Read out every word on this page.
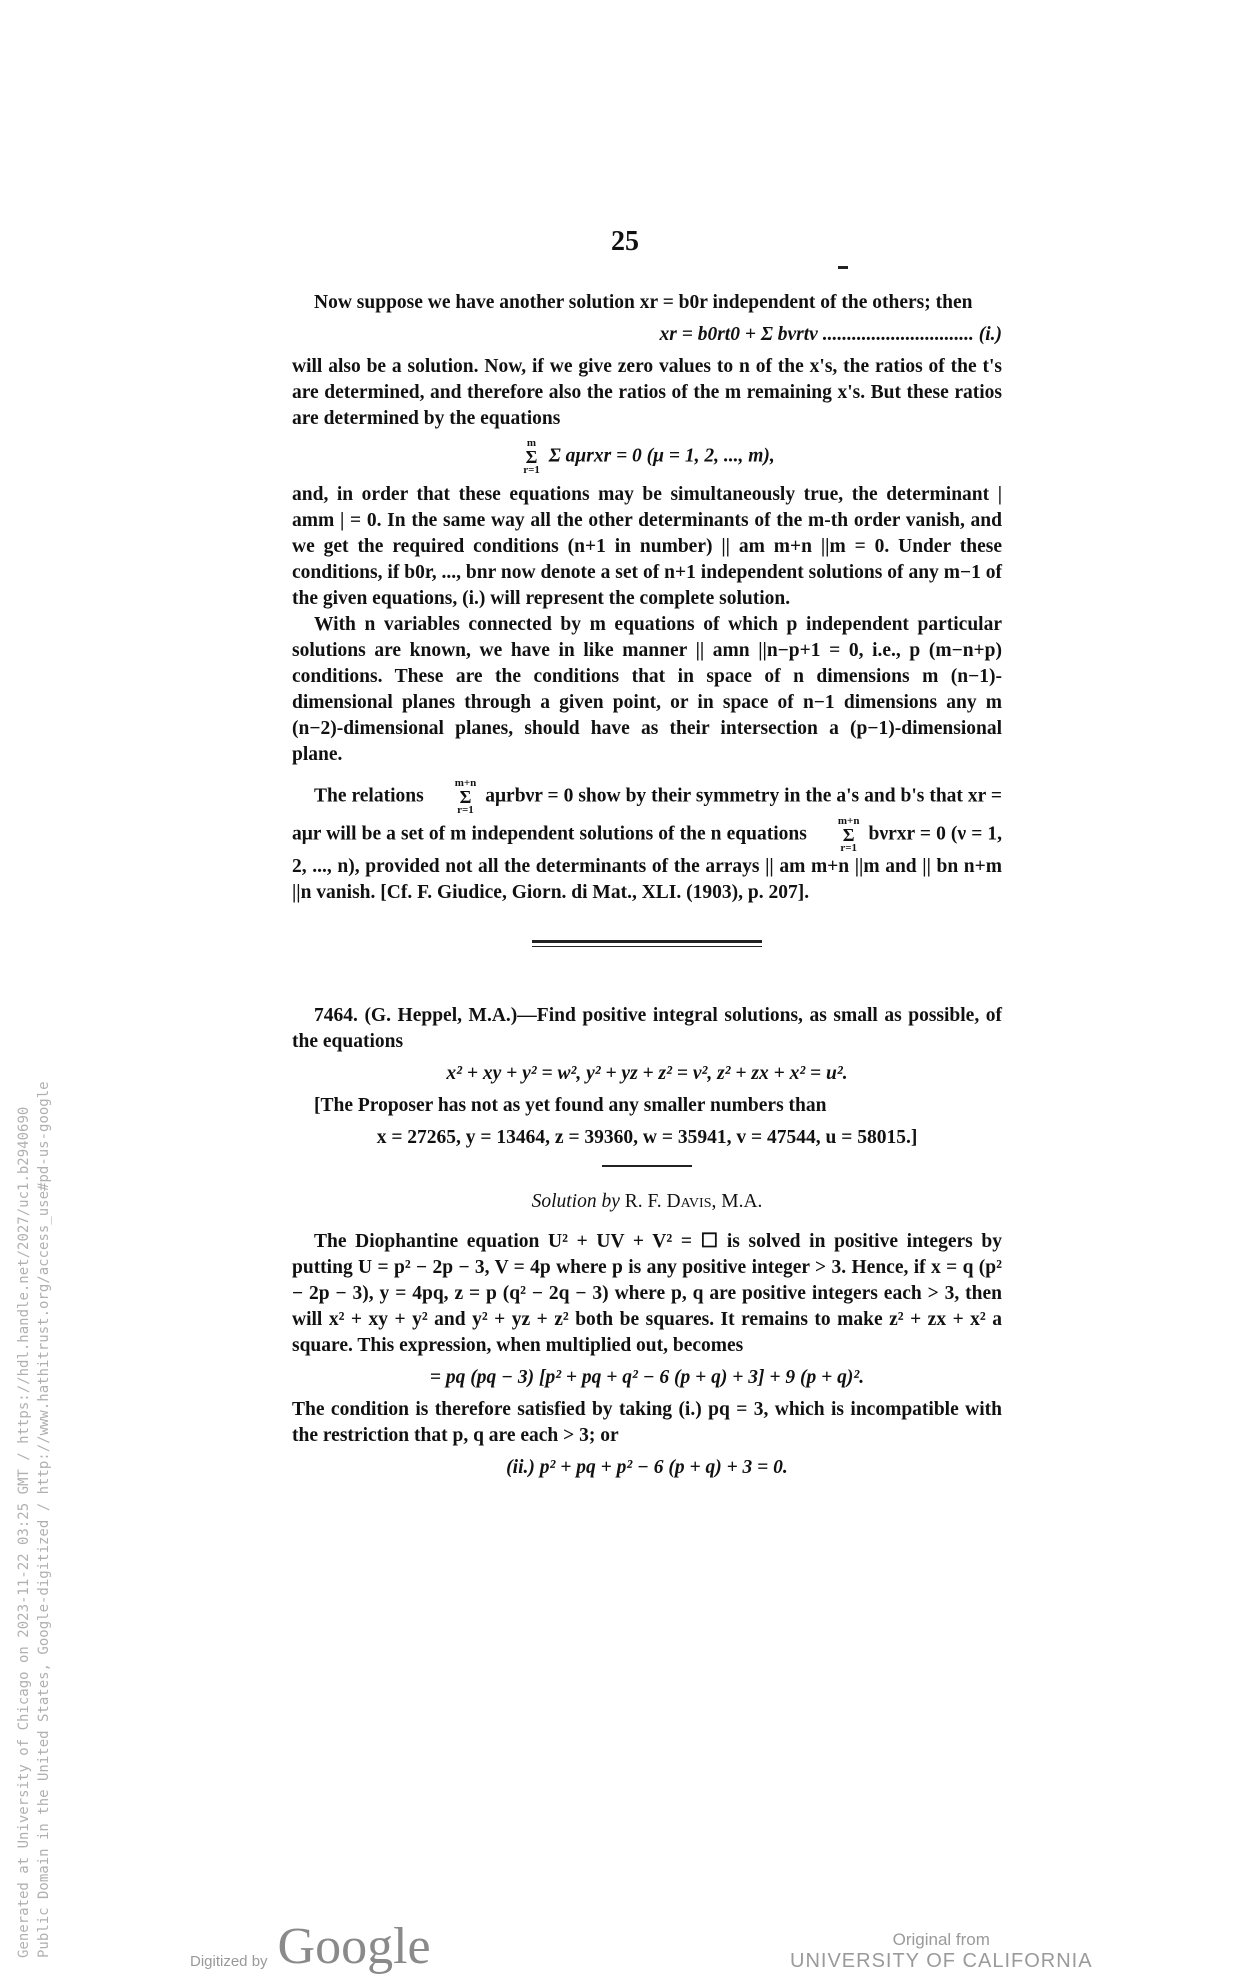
25

Now suppose we have another solution xr = b0r independent of the others; then

xr = b0rt0 + Σ bνrtν ............................... (i.)

will also be a solution. Now, if we give zero values to n of the x's, the ratios of the t's are determined, and therefore also the ratios of the m remaining x's. But these ratios are determined by the equations

m
Σ
r=1
Σ aμrxr = 0 (μ = 1, 2, ..., m),

and, in order that these equations may be simultaneously true, the determinant | amm | = 0. In the same way all the other determinants of the m-th order vanish, and we get the required conditions (n+1 in number) || am m+n ||m = 0. Under these conditions, if b0r, ..., bnr now denote a set of n+1 independent solutions of any m−1 of the given equations, (i.) will represent the complete solution.

With n variables connected by m equations of which p independent particular solutions are known, we have in like manner || amn ||n−p+1 = 0, i.e., p (m−n+p) conditions. These are the conditions that in space of n dimensions m (n−1)-dimensional planes through a given point, or in space of n−1 dimensions any m (n−2)-dimensional planes, should have as their intersection a (p−1)-dimensional plane.

The relations
m+n
Σ
r=1
aμrbνr = 0 show by their symmetry in the a's and b's that xr = aμr will be a set of m independent solutions of the n equations
m+n
Σ
r=1
bνrxr = 0 (ν = 1, 2, ..., n), provided not all the determinants of the arrays || am m+n ||m and || bn n+m ||n vanish. [Cf. F. Giudice, Giorn. di Mat., XLI. (1903), p. 207].

7464. (G. Heppel, M.A.)—Find positive integral solutions, as small as possible, of the equations

x² + xy + y² = w², y² + yz + z² = v², z² + zx + x² = u².

[The Proposer has not as yet found any smaller numbers than

x = 27265, y = 13464, z = 39360, w = 35941, v = 47544, u = 58015.]
Solution by R. F. Davis, M.A.

The Diophantine equation U² + UV + V² = ☐ is solved in positive integers by putting U = p² − 2p − 3, V = 4p where p is any positive integer > 3. Hence, if x = q (p² − 2p − 3), y = 4pq, z = p (q² − 2q − 3) where p, q are positive integers each > 3, then will x² + xy + y² and y² + yz + z² both be squares. It remains to make z² + zx + x² a square. This expression, when multiplied out, becomes

= pq (pq − 3) [p² + pq + q² − 6 (p + q) + 3] + 9 (p + q)².

The condition is therefore satisfied by taking (i.) pq = 3, which is incompatible with the restriction that p, q are each > 3; or

(ii.) p² + pq + p² − 6 (p + q) + 3 = 0.
Generated at University of Chicago on 2023-11-22 03:25 GMT / https://hdl.handle.net/2027/uc1.b2940690 Public Domain in the United States, Google-digitized / http://www.hathitrust.org/access_use#pd-us-google
Digitized by Google	Original from
UNIVERSITY OF CALIFORNIA
